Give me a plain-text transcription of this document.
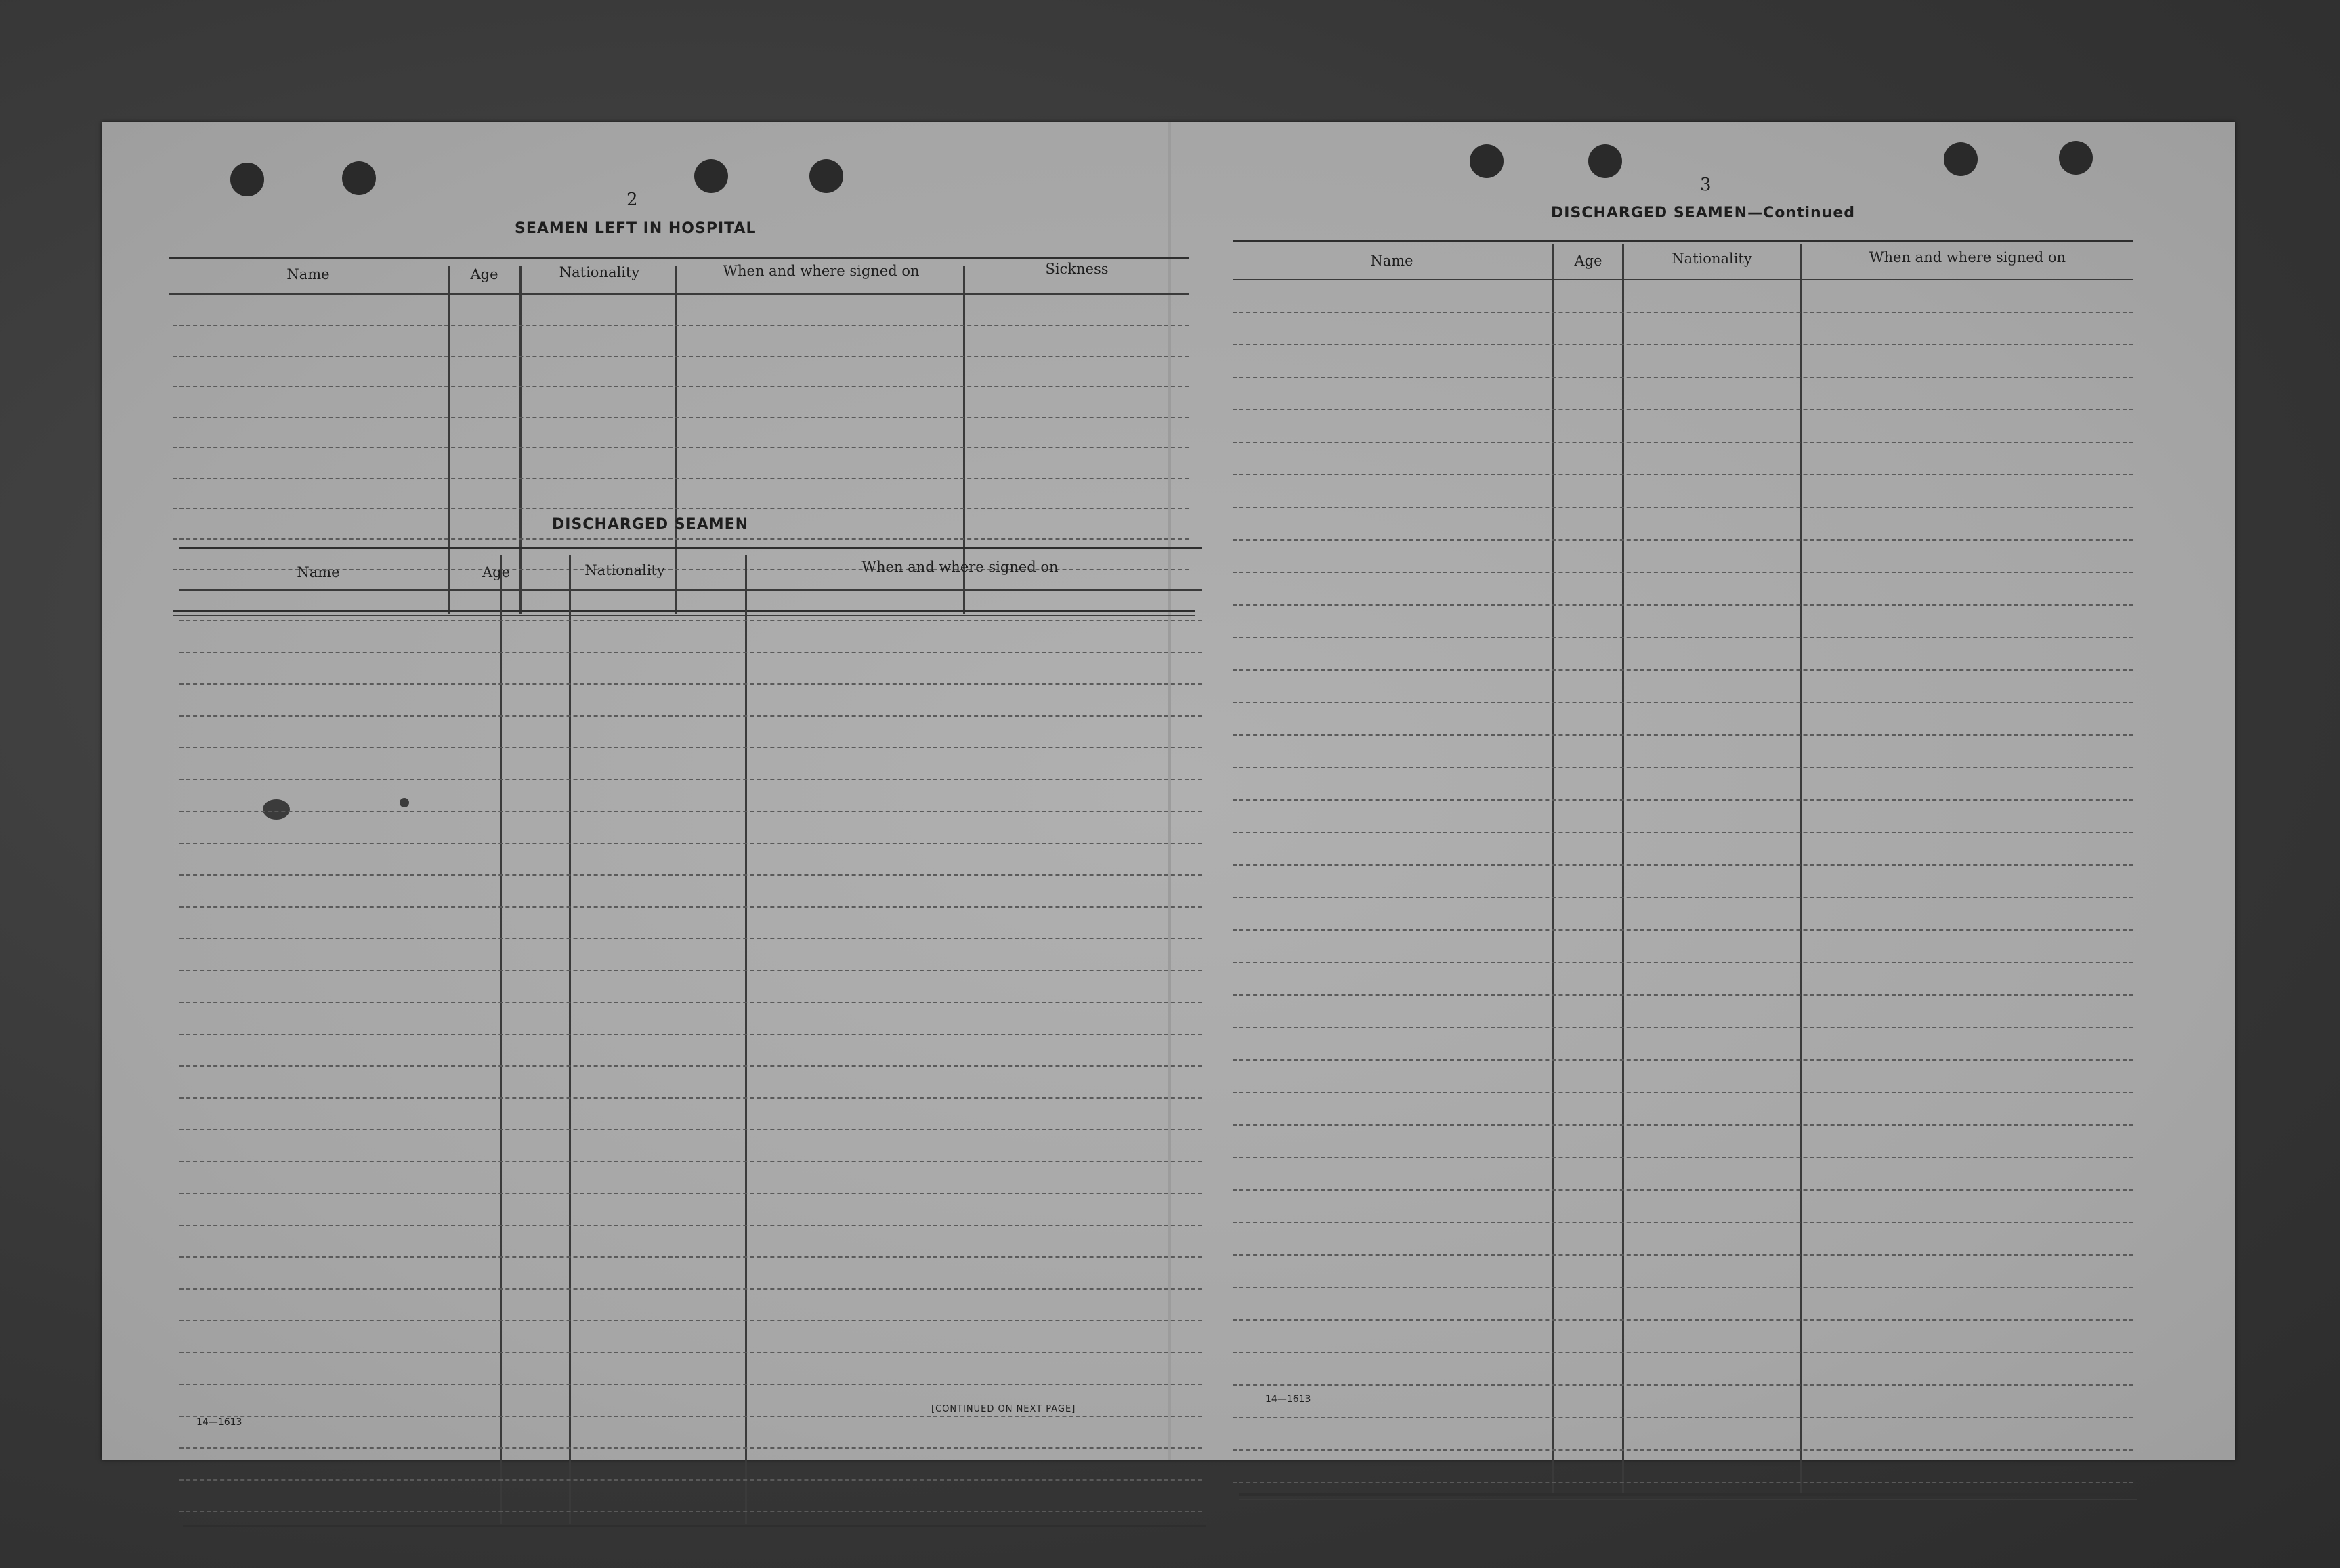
2
SEAMEN LEFT IN HOSPITAL
Name	Age	Nationality	When and where signed on	Sickness
DISCHARGED SEAMEN
Name	Age	Nationality	When and where signed on
14—1613
[CONTINUED ON NEXT PAGE]
3
DISCHARGED SEAMEN—Continued
Name	Age	Nationality	When and where signed on
14—1613
